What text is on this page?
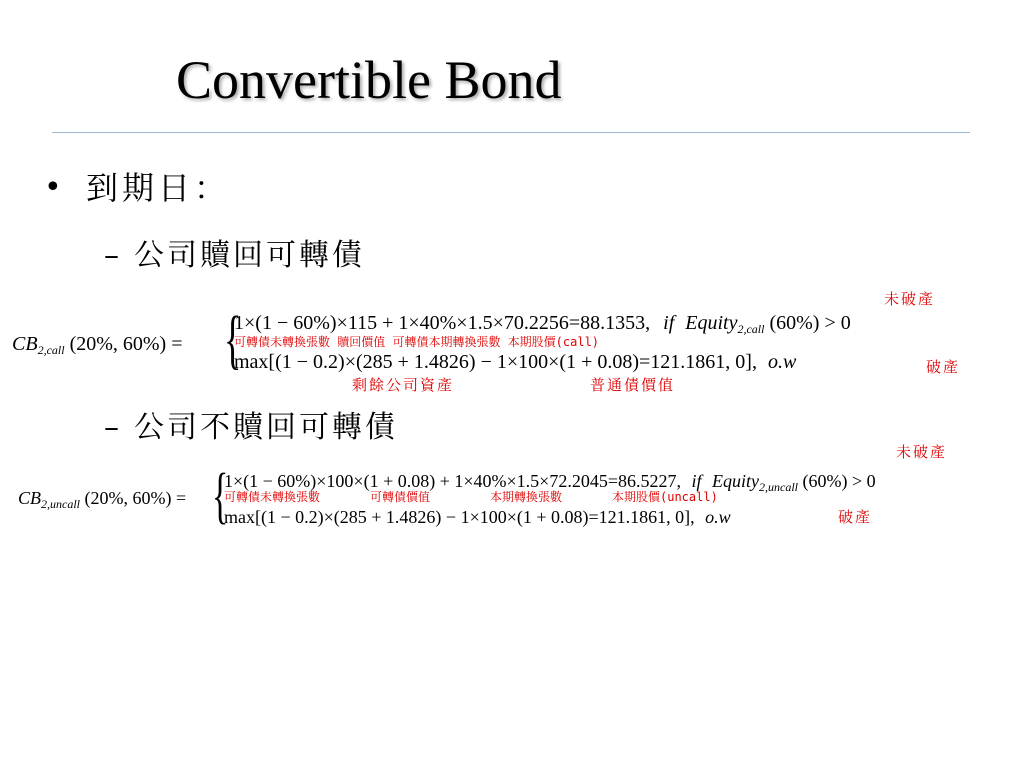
Convertible Bond
• 到期日：
– 公司贖回可轉債
未破產
$CB_{2,call}$ (20%, 60%) = {
1×(1 − 60%)×115 + 1×40%×1.5×70.2256=88.1353, if Equity$_{2,call}$ (60%) > 0
可轉債未轉換張數 贖回價值 可轉債本期轉換張數 本期股價(call)
max[(1 − 0.2)×(285 + 1.4826) − 1×100×(1 + 0.08)=121.1861, 0], o.w	破產
剩餘公司資產	普通債價值
– 公司不贖回可轉債
未破產
$CB_{2,uncall}$ (20%, 60%) = {
1×(1 − 60%)×100×(1 + 0.08) + 1×40%×1.5×72.2045=86.5227, if Equity$_{2,uncall}$ (60%) > 0
可轉債未轉換張數	可轉債價值	本期轉換張數	本期股價(uncall)
max[(1 − 0.2)×(285 + 1.4826) − 1×100×(1 + 0.08)=121.1861, 0], o.w	破產
